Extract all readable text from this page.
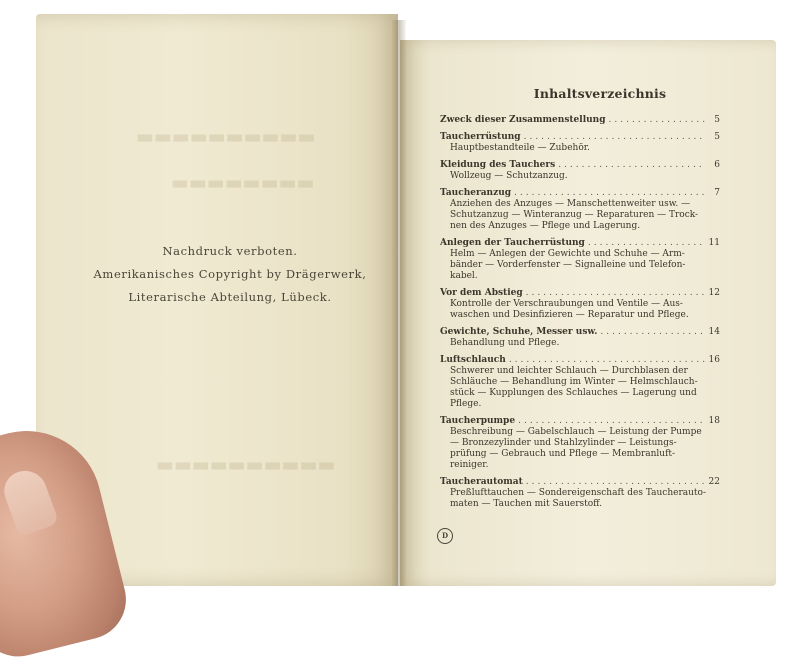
▬▬▬▬▬▬▬▬▬▬
▬▬▬▬▬▬▬▬
▬▬▬▬▬▬▬▬▬▬
Nachdruck verboten.
Amerikanisches Copyright by Drägerwerk,
Literarische Abteilung, Lübeck.
Inhaltsverzeichnis
Zweck dieser Zusammenstellung .....	5
Taucherrüstung .....	5
Hauptbestandteile — Zubehör.
Kleidung des Tauchers .....	6
Wollzeug — Schutzanzug.
Taucheranzug .....	7
Anziehen des Anzuges — Manschettenweiter usw. —
Schutzanzug — Winteranzug — Reparaturen — Trock-
nen des Anzuges — Pflege und Lagerung.
Anlegen der Taucherrüstung .....	11
Helm — Anlegen der Gewichte und Schuhe — Arm-
bänder — Vorderfenster — Signalleine und Telefon-
kabel.
Vor dem Abstieg .....	12
Kontrolle der Verschraubungen und Ventile — Aus-
waschen und Desinfizieren — Reparatur und Pflege.
Gewichte, Schuhe, Messer usw. .....	14
Behandlung und Pflege.
Luftschlauch .....	16
Schwerer und leichter Schlauch — Durchblasen der
Schläuche — Behandlung im Winter — Helmschlauch-
stück — Kupplungen des Schlauches — Lagerung und
Pflege.
Taucherpumpe .....	18
Beschreibung — Gabelschlauch — Leistung der Pumpe
— Bronzezylinder und Stahlzylinder — Leistungs-
prüfung — Gebrauch und Pflege — Membranluft-
reiniger.
Taucherautomat .....	22
Preßlufttauchen — Sondereigenschaft des Taucherauto-
maten — Tauchen mit Sauerstoff.
D
